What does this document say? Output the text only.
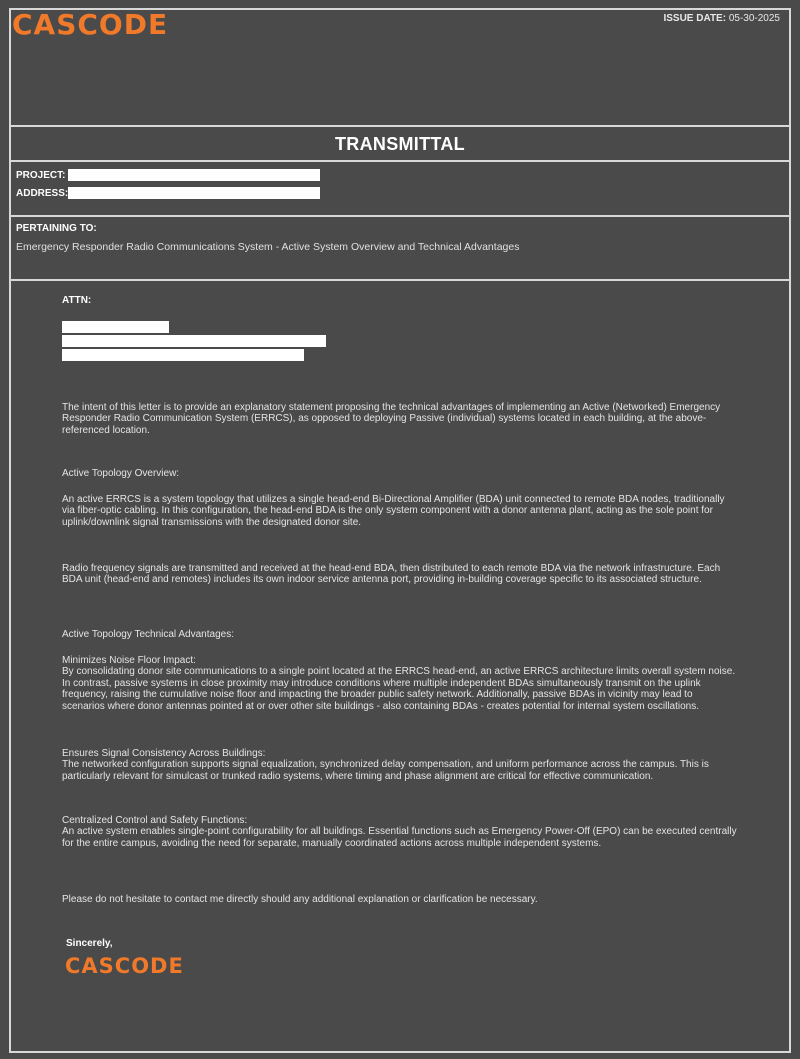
CASCODE	ISSUE DATE: 05-30-2025
TRANSMITTAL
PROJECT:
ADDRESS:
PERTAINING TO:
Emergency Responder Radio Communications System - Active System Overview and Technical Advantages
ATTN:

The intent of this letter is to provide an explanatory statement proposing the technical advantages of implementing an Active (Networked) Emergency Responder Radio Communication System (ERRCS), as opposed to deploying Passive (individual) systems located in each building, at the above-referenced location.

Active Topology Overview:
An active ERRCS is a system topology that utilizes a single head-end Bi-Directional Amplifier (BDA) unit connected to remote BDA nodes, traditionally via fiber-optic cabling. In this configuration, the head-end BDA is the only system component with a donor antenna plant, acting as the sole point for uplink/downlink signal transmissions with the designated donor site.
Radio frequency signals are transmitted and received at the head-end BDA, then distributed to each remote BDA via the network infrastructure. Each BDA unit (head-end and remotes) includes its own indoor service antenna port, providing in-building coverage specific to its associated structure.
Active Topology Technical Advantages:

Minimizes Noise Floor Impact:

By consolidating donor site communications to a single point located at the ERRCS head-end, an active ERRCS architecture limits overall system noise. In contrast, passive systems in close proximity may introduce conditions where multiple independent BDAs simultaneously transmit on the uplink frequency, raising the cumulative noise floor and impacting the broader public safety network. Additionally, passive BDAs in vicinity may lead to scenarios where donor antennas pointed at or over other site buildings - also containing BDAs - creates potential for internal system oscillations.

Ensures Signal Consistency Across Buildings:

The networked configuration supports signal equalization, synchronized delay compensation, and uniform performance across the campus. This is particularly relevant for simulcast or trunked radio systems, where timing and phase alignment are critical for effective communication.

Centralized Control and Safety Functions:

An active system enables single-point configurability for all buildings. Essential functions such as Emergency Power-Off (EPO) can be executed centrally for the entire campus, avoiding the need for separate, manually coordinated actions across multiple independent systems.

Please do not hesitate to contact me directly should any additional explanation or clarification be necessary.
Sincerely,
CASCODE
